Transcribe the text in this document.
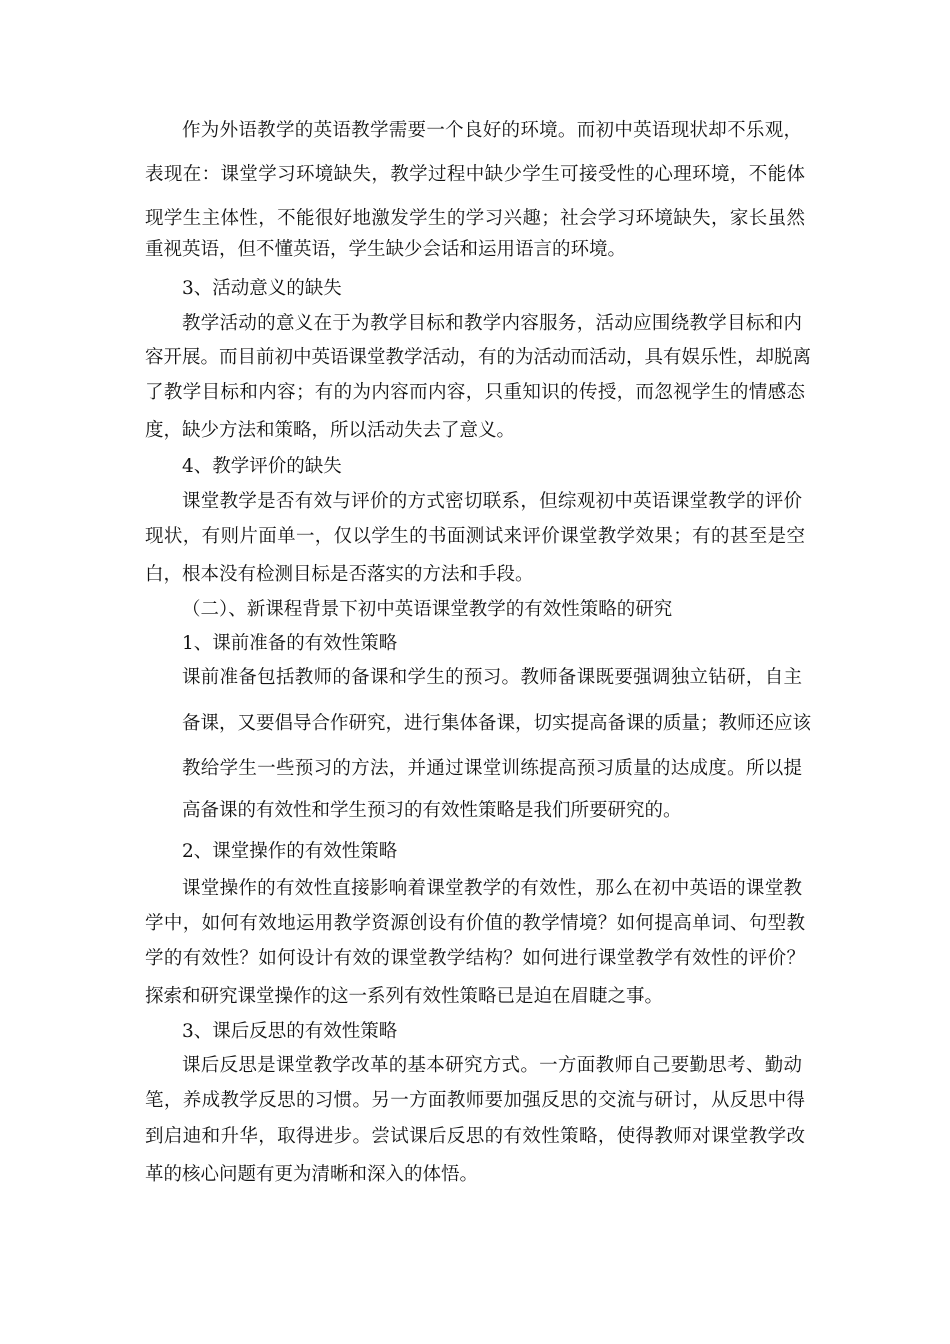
作为外语教学的英语教学需要一个良好的环境。而初中英语现状却不乐观，
表现在：课堂学习环境缺失，教学过程中缺少学生可接受性的心理环境，不能体
现学生主体性，不能很好地激发学生的学习兴趣；社会学习环境缺失，家长虽然
重视英语，但不懂英语，学生缺少会话和运用语言的环境。
3、活动意义的缺失
教学活动的意义在于为教学目标和教学内容服务，活动应围绕教学目标和内
容开展。而目前初中英语课堂教学活动，有的为活动而活动，具有娱乐性，却脱离
了教学目标和内容；有的为内容而内容，只重知识的传授，而忽视学生的情感态
度，缺少方法和策略，所以活动失去了意义。
4、教学评价的缺失
课堂教学是否有效与评价的方式密切联系，但综观初中英语课堂教学的评价
现状，有则片面单一，仅以学生的书面测试来评价课堂教学效果；有的甚至是空
白，根本没有检测目标是否落实的方法和手段。
（二）、新课程背景下初中英语课堂教学的有效性策略的研究
1、课前准备的有效性策略
课前准备包括教师的备课和学生的预习。教师备课既要强调独立钻研，自主
备课，又要倡导合作研究，进行集体备课，切实提高备课的质量；教师还应该
教给学生一些预习的方法，并通过课堂训练提高预习质量的达成度。所以提
高备课的有效性和学生预习的有效性策略是我们所要研究的。
2、课堂操作的有效性策略
课堂操作的有效性直接影响着课堂教学的有效性，那么在初中英语的课堂教
学中，如何有效地运用教学资源创设有价值的教学情境？如何提高单词、句型教
学的有效性？如何设计有效的课堂教学结构？如何进行课堂教学有效性的评价？
探索和研究课堂操作的这一系列有效性策略已是迫在眉睫之事。
3、课后反思的有效性策略
课后反思是课堂教学改革的基本研究方式。一方面教师自己要勤思考、勤动
笔，养成教学反思的习惯。另一方面教师要加强反思的交流与研讨，从反思中得
到启迪和升华，取得进步。尝试课后反思的有效性策略，使得教师对课堂教学改
革的核心问题有更为清晰和深入的体悟。
